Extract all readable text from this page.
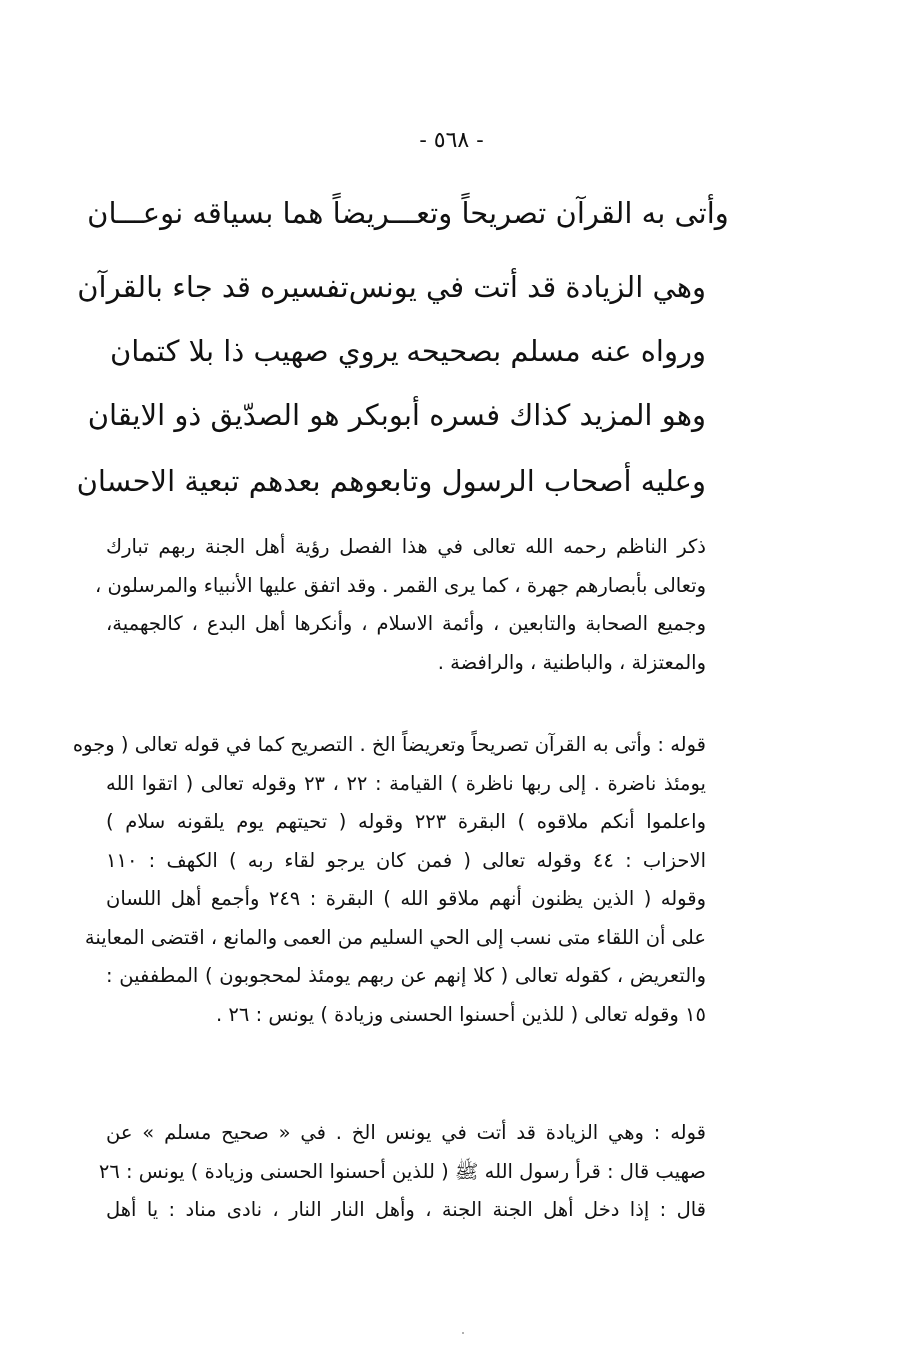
- ٥٦٨ -
وأتى به القرآن تصريحاً وتعـــريضاً هما بسياقه نوعـــان
وهي الزيادة قد أتت في يونس
تفسيره قد جاء بالقرآن
ورواه عنه مسلم بصحيحه
يروي صهيب ذا بلا كتمان
وهو المزيد كذاك فسره أبو
بكر هو الصدّيق ذو الايقان
وعليه أصحاب الرسول وتابعو
هم بعدهم تبعية الاحسان
ذكر الناظم رحمه الله تعالى في هذا الفصل رؤية أهل الجنة ربهم تبارك
وتعالى بأبصارهم جهرة ، كما يرى القمر . وقد اتفق عليها الأنبياء والمرسلون ،
وجميع الصحابة والتابعين ، وأئمة الاسلام ، وأنكرها أهل البدع ، كالجهمية،
والمعتزلة ، والباطنية ، والرافضة .
قوله : وأتى به القرآن تصريحاً وتعريضاً الخ . التصريح كما في قوله تعالى ( وجوه
يومئذ ناضرة . إلى ربها ناظرة ) القيامة : ٢٢ ، ٢٣ وقوله تعالى ( اتقوا الله
واعلموا أنكم ملاقوه ) البقرة ٢٢٣ وقوله ( تحيتهم يوم يلقونه سلام )
الاحزاب : ٤٤ وقوله تعالى ( فمن كان يرجو لقاء ربه ) الكهف : ١١٠
وقوله ( الذين يظنون أنهم ملاقو الله ) البقرة : ٢٤٩ وأجمع أهل اللسان
على أن اللقاء متى نسب إلى الحي السليم من العمى والمانع ، اقتضى المعاينة
والتعريض ، كقوله تعالى ( كلا إنهم عن ربهم يومئذ لمحجوبون ) المطففين :
١٥ وقوله تعالى ( للذين أحسنوا الحسنى وزيادة ) يونس : ٢٦ .
قوله : وهي الزيادة قد أتت في يونس الخ . في « صحيح مسلم » عن
صهيب قال : قرأ رسول الله ﷺ ( للذين أحسنوا الحسنى وزيادة ) يونس : ٢٦
قال : إذا دخل أهل الجنة الجنة ، وأهل النار النار ، نادى مناد : يا أهل
